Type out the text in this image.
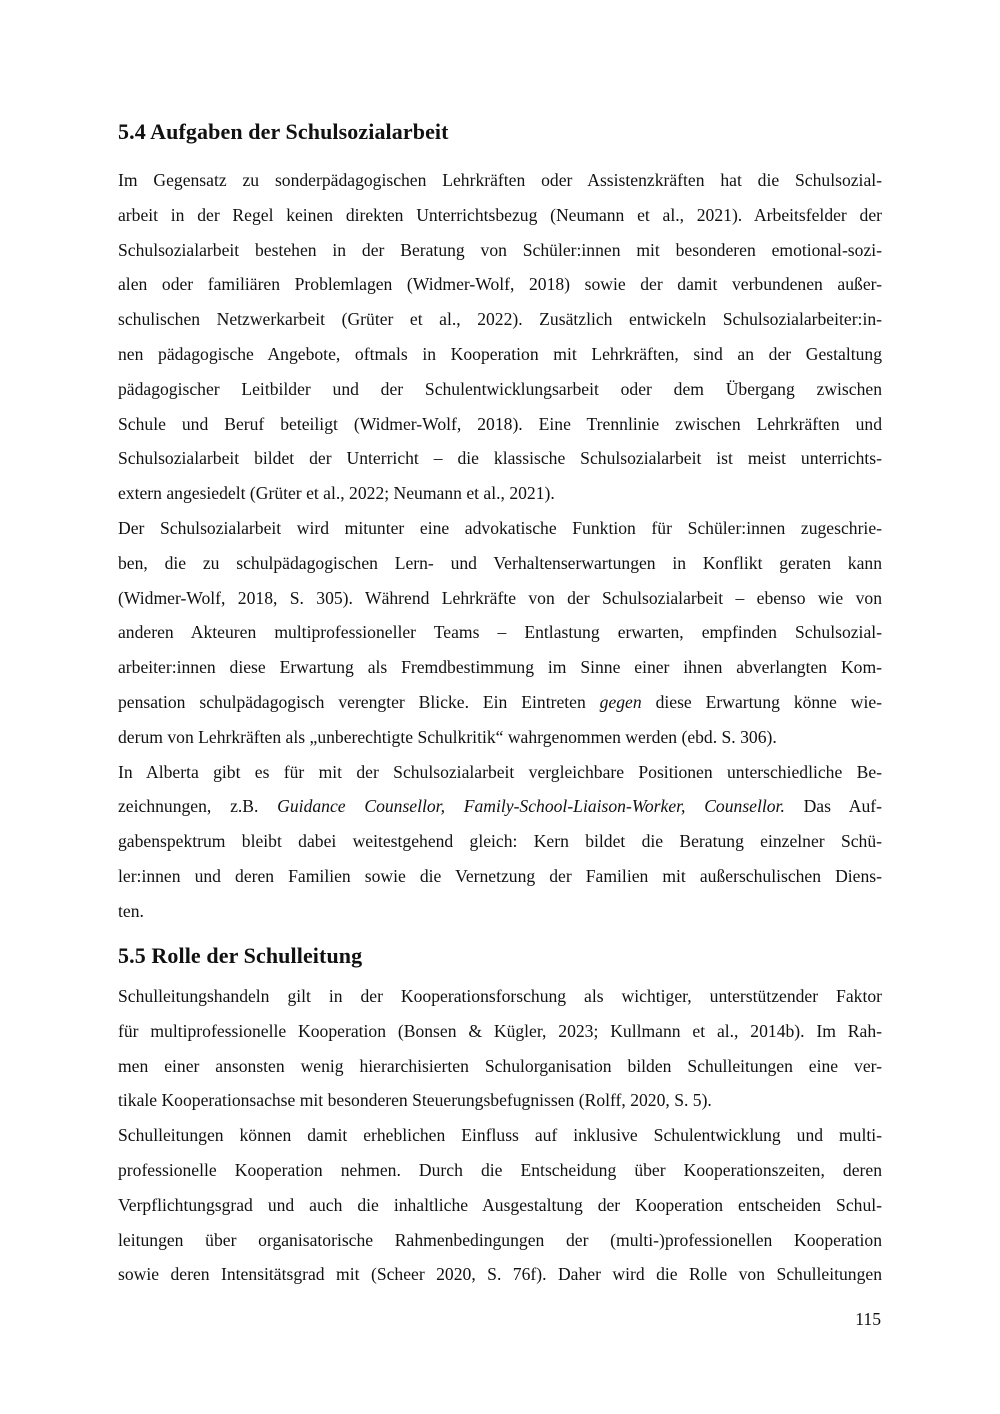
5.4 Aufgaben der Schulsozialarbeit

Im Gegensatz zu sonderpädagogischen Lehrkräften oder Assistenzkräften hat die Schulsozial-
arbeit in der Regel keinen direkten Unterrichtsbezug (Neumann et al., 2021). Arbeitsfelder der
Schulsozialarbeit bestehen in der Beratung von Schüler:innen mit besonderen emotional-sozi-
alen oder familiären Problemlagen (Widmer-Wolf, 2018) sowie der damit verbundenen außer-
schulischen Netzwerkarbeit (Grüter et al., 2022). Zusätzlich entwickeln Schulsozialarbeiter:in-
nen pädagogische Angebote, oftmals in Kooperation mit Lehrkräften, sind an der Gestaltung
pädagogischer Leitbilder und der Schulentwicklungsarbeit oder dem Übergang zwischen
Schule und Beruf beteiligt (Widmer-Wolf, 2018). Eine Trennlinie zwischen Lehrkräften und
Schulsozialarbeit bildet der Unterricht – die klassische Schulsozialarbeit ist meist unterrichts-
extern angesiedelt (Grüter et al., 2022; Neumann et al., 2021).

Der Schulsozialarbeit wird mitunter eine advokatische Funktion für Schüler:innen zugeschrie-
ben, die zu schulpädagogischen Lern- und Verhaltenserwartungen in Konflikt geraten kann
(Widmer-Wolf, 2018, S. 305). Während Lehrkräfte von der Schulsozialarbeit – ebenso wie von
anderen Akteuren multiprofessioneller Teams – Entlastung erwarten, empfinden Schulsozial-
arbeiter:innen diese Erwartung als Fremdbestimmung im Sinne einer ihnen abverlangten Kom-
pensation schulpädagogisch verengter Blicke. Ein Eintreten gegen diese Erwartung könne wie-
derum von Lehrkräften als „unberechtigte Schulkritik“ wahrgenommen werden (ebd. S. 306).

In Alberta gibt es für mit der Schulsozialarbeit vergleichbare Positionen unterschiedliche Be-
zeichnungen, z.B. Guidance Counsellor, Family-School-Liaison-Worker, Counsellor. Das Auf-
gabenspektrum bleibt dabei weitestgehend gleich: Kern bildet die Beratung einzelner Schü-
ler:innen und deren Familien sowie die Vernetzung der Familien mit außerschulischen Diens-
ten.

5.5 Rolle der Schulleitung

Schulleitungshandeln gilt in der Kooperationsforschung als wichtiger, unterstützender Faktor
für multiprofessionelle Kooperation (Bonsen & Kügler, 2023; Kullmann et al., 2014b). Im Rah-
men einer ansonsten wenig hierarchisierten Schulorganisation bilden Schulleitungen eine ver-
tikale Kooperationsachse mit besonderen Steuerungsbefugnissen (Rolff, 2020, S. 5).

Schulleitungen können damit erheblichen Einfluss auf inklusive Schulentwicklung und multi-
professionelle Kooperation nehmen. Durch die Entscheidung über Kooperationszeiten, deren
Verpflichtungsgrad und auch die inhaltliche Ausgestaltung der Kooperation entscheiden Schul-
leitungen über organisatorische Rahmenbedingungen der (multi-)professionellen Kooperation
sowie deren Intensitätsgrad mit (Scheer 2020, S. 76f). Daher wird die Rolle von Schulleitungen

115
